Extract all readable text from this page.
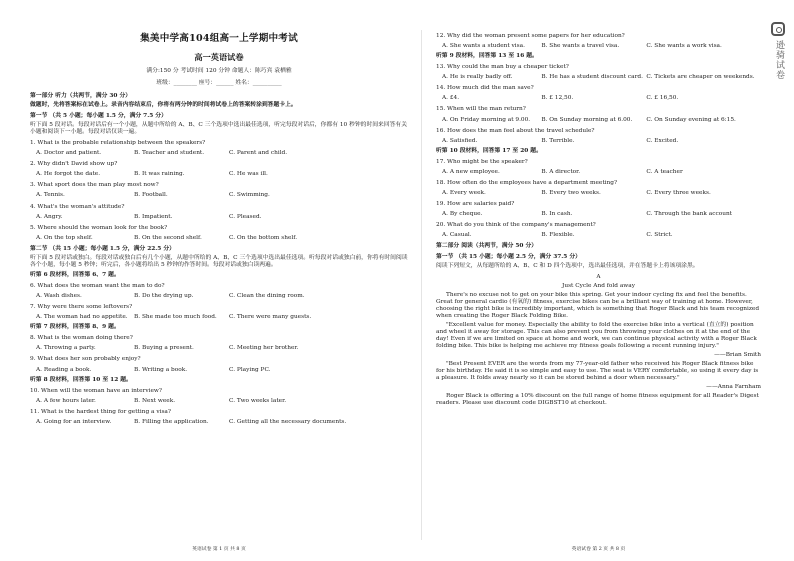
集美中学高104组高一上学期中考试
高一英语试卷
满分:150 分 考试时间 120 分钟 命题人：陈巧宾 袁栖雅
班级：________ 座号：______ 姓名：__________
第一部分 听力（共两节，满分 30 分）
做题时，先将答案标在试卷上。录音内容结束后，你将有两分钟的时间将试卷上的答案转涂到答题卡上。
第一节 （共 5 小题；每小题 1.5 分，满分 7.5 分）
听下面 5 段对话。每段对话后有一个小题，从题中所给的 A、B、C 三个选项中选出最佳选项，听完每段对话后，你都有 10 秒钟的时间来回答有关小题和阅读下一小题。每段对话仅读一遍。
1. What is the probable relationship between the speakers?
A. Doctor and patient.	B. Teacher and student.	C. Parent and child.
2. Why didn't David show up?
A. He forgot the date.	B. It was raining.	C. He was ill.
3. What sport does the man play most now?
A. Tennis.	B. Football.	C. Swimming.
4. What's the woman's attitude?
A. Angry.	B. Impatient.	C. Pleased.
5. Where should the woman look for the book?
A. On the top shelf.	B. On the second shelf.	C. On the bottom shelf.
第二节 （共 15 小题；每小题 1.5 分，满分 22.5 分）
听下面 5 段对话或独白。每段对话或独白后有几个小题，从题中所给的 A、B、C 三个选项中选出最佳选项。听每段对话或独白前，你将有时间阅读各个小题，每小题 5 秒钟；听完后，各小题将给出 5 秒钟的作答时间。每段对话或独白读两遍。
听第 6 段材料，回答第 6、7 题。
6. What does the woman want the man to do?
A. Wash dishes.	B. Do the drying up.	C. Clean the dining room.
7. Why were there some leftovers?
A. The woman had no appetite.	B. She made too much food.	C. There were many guests.
听第 7 段材料，回答第 8、9 题。
8. What is the woman doing there?
A. Throwing a party.	B. Buying a present.	C. Meeting her brother.
9. What does her son probably enjoy?
A. Reading a book.	B. Writing a book.	C. Playing PC.
听第 8 段材料，回答第 10 至 12 题。
10. When will the woman have an interview?
A. A few hours later.	B. Next week.	C. Two weeks later.
11. What is the hardest thing for getting a visa?
A. Going for an interview.	B. Filling the application.	C. Getting all the necessary documents.
英语试卷 第 1 页 共 8 页
12. Why did the woman present some papers for her education?
A. She wants a student visa.	B. She wants a travel visa.	C. She wants a work visa.
听第 9 段材料，回答第 13 至 16 题。
13. Why could the man buy a cheaper ticket?
A. He is really badly off.	B. He has a student discount card. C. Tickets are cheaper on weekends.
14. How much did the man save?
A. £4.	B. £ 12,50.	C. £ 16,50.
15. When will the man return?
A. On Friday morning at 9.00.	B. On Sunday morning at 6.00.	C. On Sunday evening at 6:15.
16. How does the man feel about the travel schedule?
A. Satisfied.	B. Terrible.	C. Excited.
听第 10 段材料，回答第 17 至 20 题。
17. Who might be the speaker?
A. A new employee.	B. A director.	C. A teacher
18. How often do the employees have a department meeting?
A. Every week.	B. Every two weeks.	C. Every three weeks.
19. How are salaries paid?
A. By cheque.	B. In cash.	C. Through the bank account
20. What do you think of the company's management?
A. Casual.	B. Flexible.	C. Strict.
第二部分 阅读（共两节，满分 50 分）
第一节 （共 15 小题；每小题 2.5 分，满分 37.5 分）
阅读下列短文，从每题所给的 A、B、C 和 D 四个选项中，选出最佳选项，并在答题卡上将该项涂黑。
A
Just Cycle And fold away

There's no excuse not to get on your bike this spring. Get your indoor cycling fix and feel the benefits. Great for general cardio (有氧的) fitness, exercise bikes can be a brilliant way of training at home. However, choosing the right bike is incredibly important, which is something that Roger Black and his team recognized when creating the Roger Black Folding Bike.

"Excellent value for money. Especially the ability to fold the exercise bike into a vertical (直立的) position and wheel it away for storage. This can also prevent you from throwing your clothes on it at the end of the day! Even if we are limited on space at home and work, we can continue physical activity with a Roger Black folding bike. This bike is helping me achieve my fitness goals following a recent running injury."

——Brian Smith

"Best Present EVER are the words from my 77-year-old father who received his Roger Black fitness bike for his birthday. He said it is so simple and easy to use. The seat is VERY comfortable, so using it every day is a pleasure. It folds away nearly so it can be stored behind a door when necessary."

——Anna Farnham

Roger Black is offering a 10% discount on the full range of home fitness equipment for all Reader's Digest readers. Please use discount code DIGBST10 at checkout.

英语试卷 第 2 页 共 8 页
逊骑试卷
